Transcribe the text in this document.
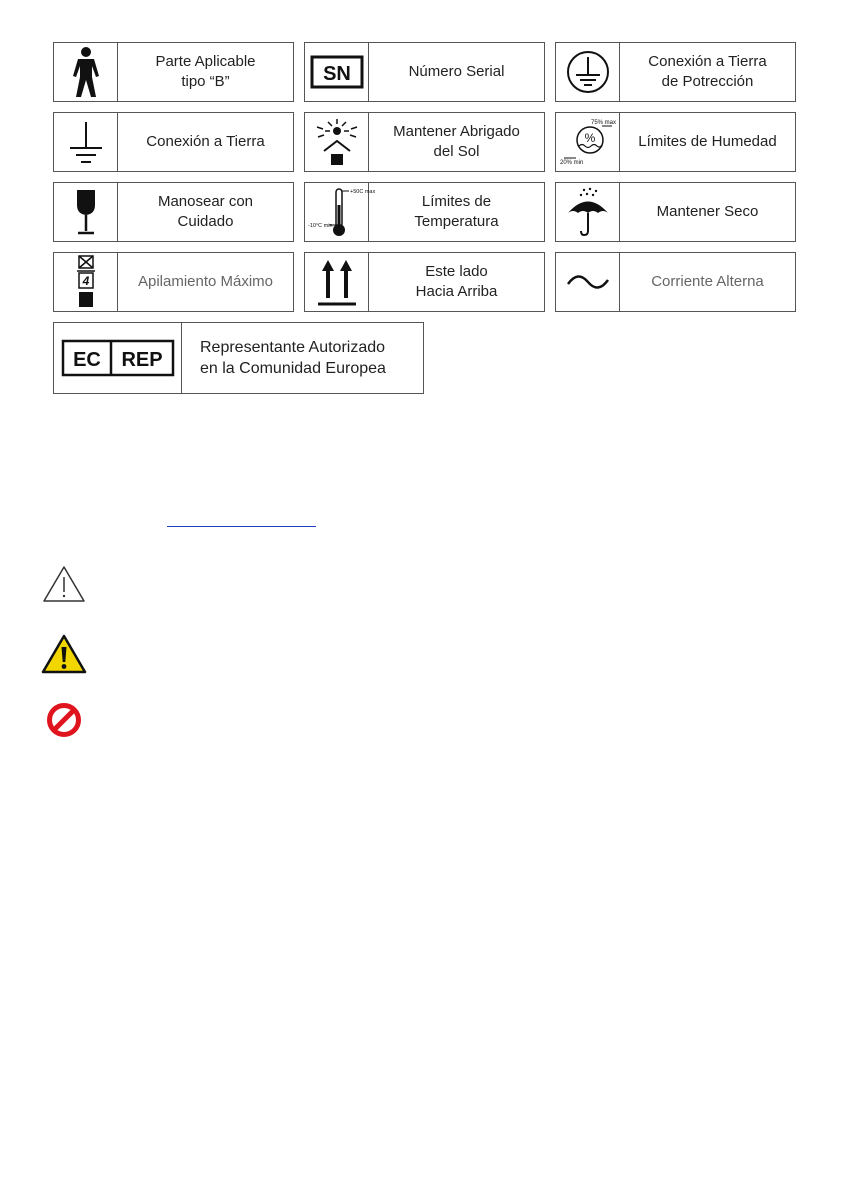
Parte Aplicable
tipo “B”	SN	Número Serial
Conexión a Tierra
de Potrección
Conexión a Tierra
Mantener Abrigado
del Sol
%
75% max
20% min
Límites de Humedad
Manosear con
Cuidado
+50C max
-10°C min
Límites de
Temperatura
Mantener Seco
4	Apilamiento Máximo
Este lado
Hacia Arriba
Corriente Alterna
EC REP
Representante Autorizado
en la Comunidad Europea
